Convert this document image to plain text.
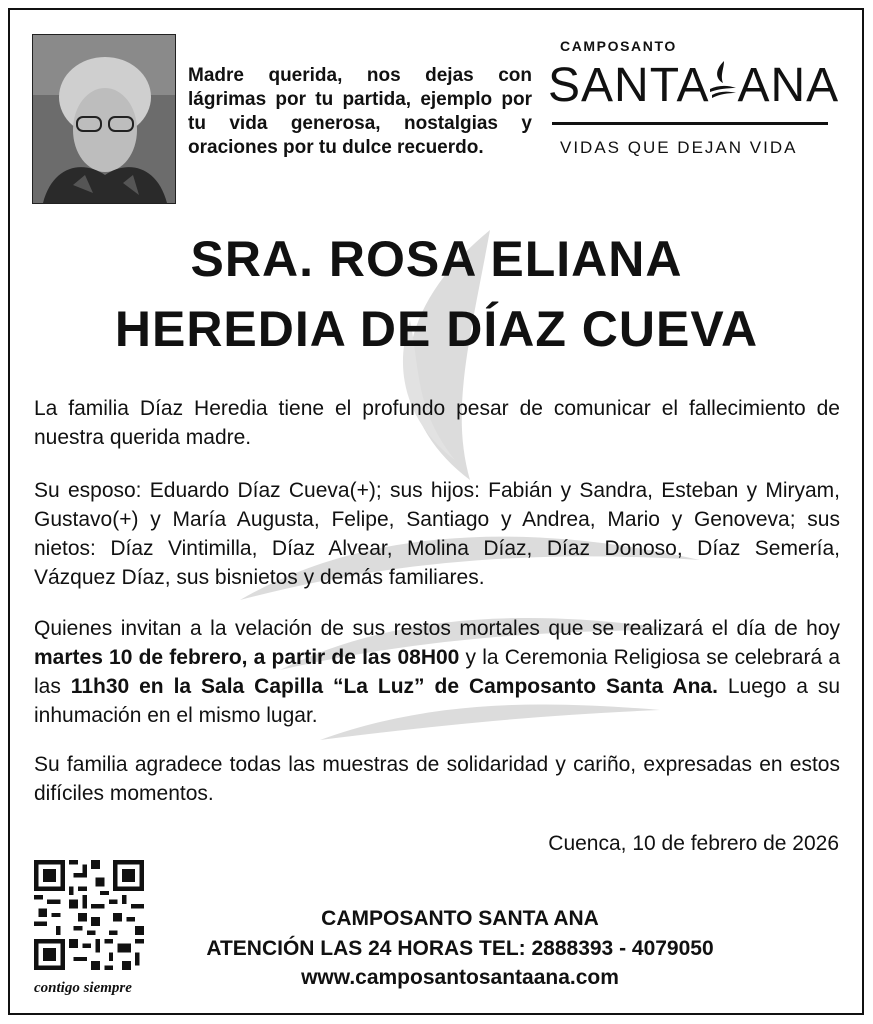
Madre querida, nos dejas con lágrimas por tu partida, ejemplo por tu vida generosa, nostalgias y oraciones por tu dulce recuerdo.
CAMPOSANTO
SANTA ANA
VIDAS QUE DEJAN VIDA
SRA. ROSA ELIANA
HEREDIA DE DÍAZ CUEVA
La familia Díaz Heredia tiene el profundo pesar de comunicar el fallecimiento de nuestra querida madre.
Su esposo: Eduardo Díaz Cueva(+); sus hijos: Fabián y Sandra, Esteban y Miryam, Gustavo(+) y María Augusta, Felipe, Santiago y Andrea, Mario y Genoveva; sus nietos: Díaz Vintimilla, Díaz Alvear, Molina Díaz, Díaz Donoso, Díaz Semería, Vázquez Díaz, sus bisnietos y demás familiares.
Quienes invitan a la velación de sus restos mortales que se realizará el día de hoy martes 10 de febrero, a partir de las 08H00 y la Ceremonia Religiosa se celebrará a las 11h30 en la Sala Capilla “La Luz” de Camposanto Santa Ana. Luego a su inhumación en el mismo lugar.
Su familia agradece todas las muestras de solidaridad y cariño, expresadas en estos difíciles momentos.
Cuenca, 10 de febrero de 2026
contigo siempre
CAMPOSANTO SANTA ANA
ATENCIÓN LAS 24 HORAS TEL: 2888393 - 4079050
www.camposantosantaana.com
